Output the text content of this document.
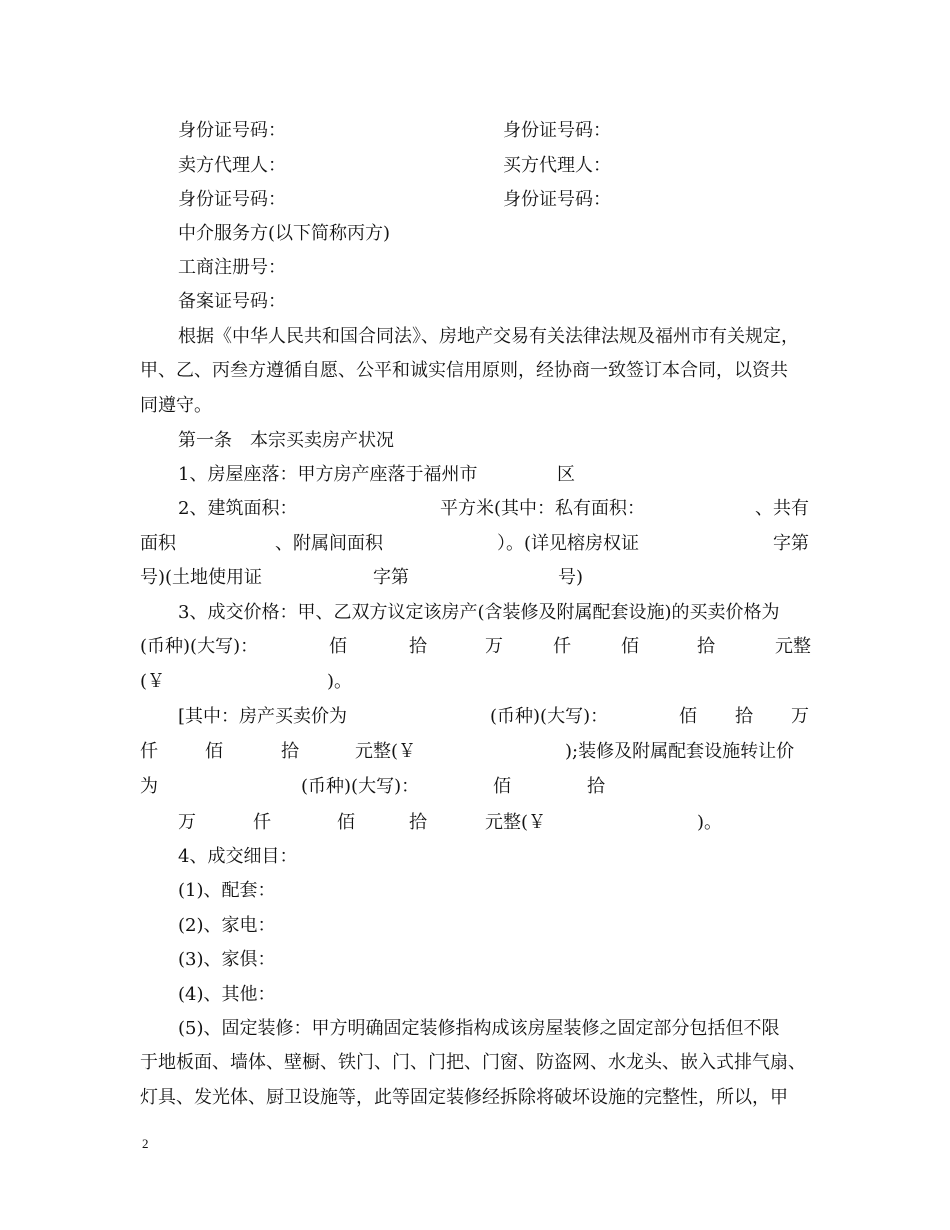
身份证号码：	身份证号码：
卖方代理人：	买方代理人：
身份证号码：	身份证号码：
中介服务方(以下简称丙方)
工商注册号：
备案证号码：
根据《中华人民共和国合同法》、房地产交易有关法律法规及福州市有关规定，
甲、乙、丙叁方遵循自愿、公平和诚实信用原则，经协商一致签订本合同，以资共
同遵守。
第一条　本宗买卖房产状况
1、房屋座落：甲方房产座落于福州市	区
2、建筑面积：	平方米(其中：私有面积：	、共有
面积	、附属间面积	）。(详见榕房权证	字第
号)(土地使用证	字第	号)
3、成交价格：甲、乙双方议定该房产(含装修及附属配套设施)的买卖价格为
(币种)(大写)：	佰	拾	万	仟	佰	拾	元整
(￥　　　　　　　　　)。
[其中：房产买卖价为	(币种)(大写)：	佰 拾 万
仟	佰	拾	元整(￥	);装修及附属配套设施转让价
为	(币种)(大写)：	佰	拾
万	仟	佰	拾	元整(￥	)。
4、成交细目：
(1)、配套：
(2)、家电：
(3)、家俱：
(4)、其他：
(5)、固定装修：甲方明确固定装修指构成该房屋装修之固定部分包括但不限
于地板面、墙体、壁橱、铁门、门、门把、门窗、防盗网、水龙头、嵌入式排气扇、
灯具、发光体、厨卫设施等，此等固定装修经拆除将破坏设施的完整性，所以，甲
2
